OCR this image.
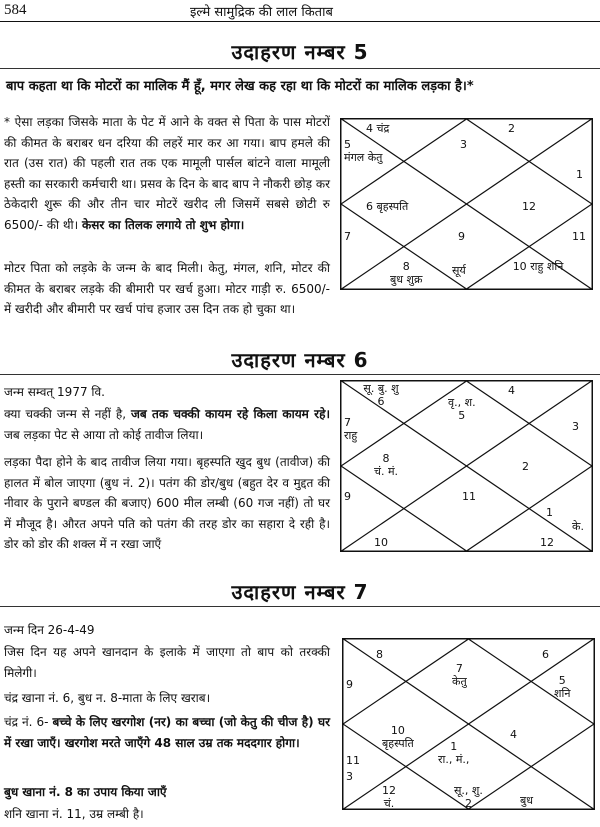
584	इल्मे सामुद्रिक की लाल किताब
उदाहरण नम्बर 5
बाप कहता था कि मोटरों का मालिक मैं हूँ, मगर लेख कह रहा था कि मोटरों का मालिक लड़का है।*
* ऐसा लड़का जिसके माता के पेट में आने के वक्त से पिता के पास मोटरों की कीमत के बराबर धन दरिया की लहरें मार कर आ गया। बाप हमले की रात (उस रात) की पहली रात तक एक मामूली पार्सल बांटने वाला मामूली हस्ती का सरकारी कर्मचारी था। प्रसव के दिन के बाद बाप ने नौकरी छोड़ कर ठेकेदारी शुरू की और तीन चार मोटरें खरीद ली जिसमें सबसे छोटी रु 6500/- की थी। केसर का तिलक लगाये तो शुभ होगा।
मोटर पिता को लड़के के जन्म के बाद मिली। केतु, मंगल, शनि, मोटर की कीमत के बराबर लड़के की बीमारी पर खर्च हुआ। मोटर गाड़ी रु. 6500/- में खरीदी और बीमारी पर खर्च पांच हजार उस दिन तक हो चुका था।
4 चंद्र	2
3
5
मंगल केतु
1
6 बृहस्पति	12
7	9	11
8
बुध शुक्र
सूर्य	10 राहु शनि
उदाहरण नम्बर 6
जन्म सम्वत् 1977 वि.
क्या चक्की जन्म से नहीं है, जब तक चक्की कायम रहे किला कायम रहे। जब लड़का पेट से आया तो कोई तावीज लिया।
लड़का पैदा होने के बाद तावीज लिया गया। बृहस्पति खुद बुध (तावीज) की हालत में बोल जाएगा (बुध नं. 2)। पतंग की डोर/बुध (बहुत देर व मुद्दत की नीवार के पुराने बण्डल की बजाए) 600 मील लम्बी (60 गज नहीं) तो घर में मौजूद है। औरत अपने पति को पतंग की तरह डोर का सहारा दे रही है। डोर को डोर की शक्ल में न रखा जाएँ
सू. बु. शु
6
4
वृ., श.
5
7
राहु
3
8
चं. मं.	2
9	11
1
के.
10	12
उदाहरण नम्बर 7
जन्म दिन 26-4-49
जिस दिन यह अपने खानदान के इलाके में जाएगा तो बाप को तरक्की मिलेगी।
चंद्र खाना नं. 6, बुध न. 8-माता के लिए खराब।
चंद्र नं. 6- बच्चे के लिए खरगोश (नर) का बच्चा (जो केतु की चीज है) घर में रखा जाएँ। खरगोश मरते जाएँगे 48 साल उम्र तक मददगार होगा।
बुध खाना नं. 8 का उपाय किया जाएँ
शनि खाना नं. 11, उम्र लम्बी है।
8	6
7
केतु
9	5
शनि
10
बृहस्पति
4
1
रा., मं.,
11
3
12
चं.
सू., शु.
2	बुध
